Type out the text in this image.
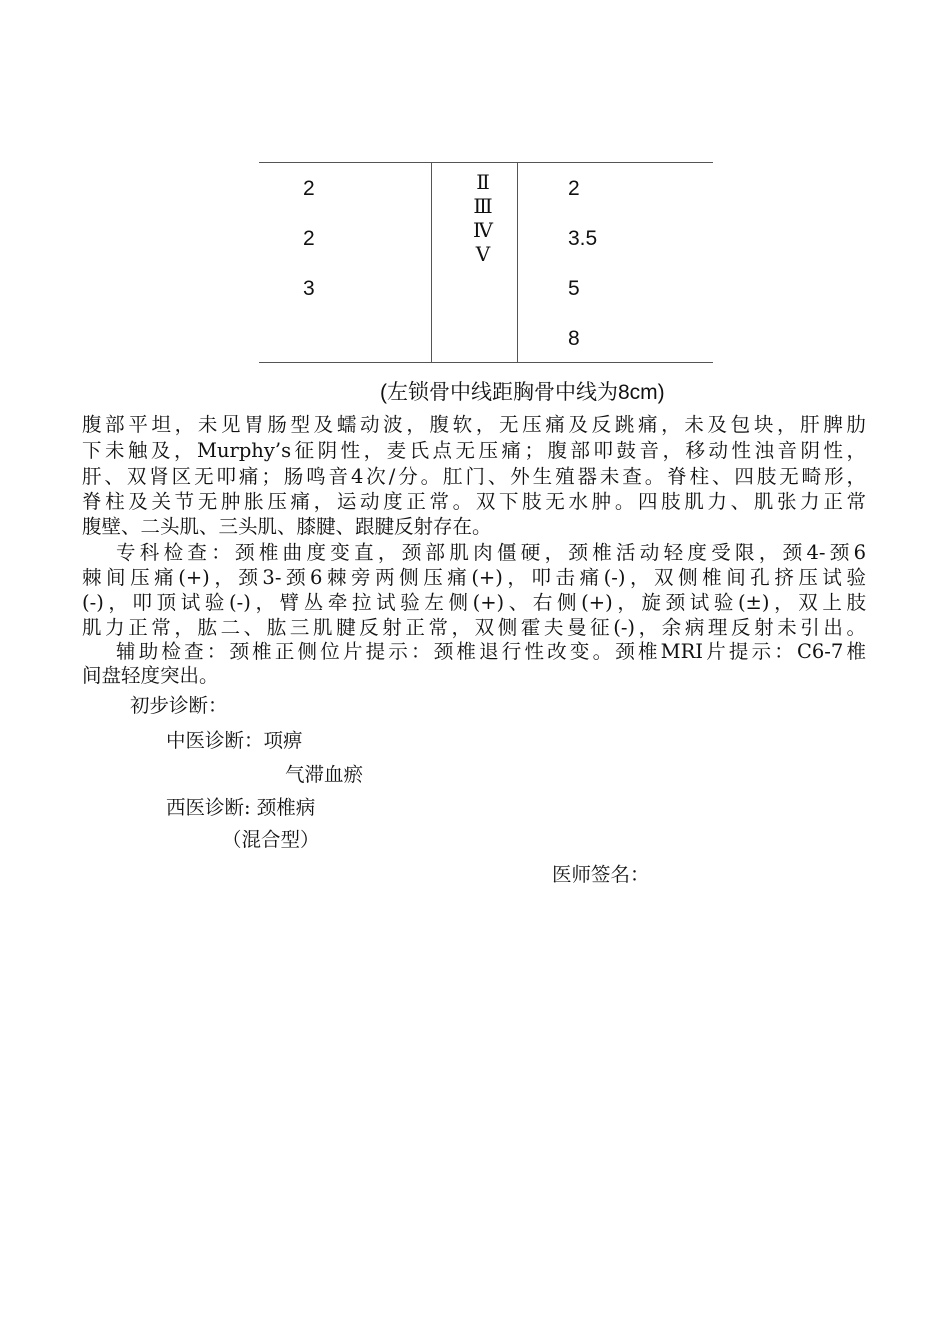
2
2
3
Ⅱ
Ⅲ
Ⅳ
Ⅴ
2
3.5
5
8
(左锁骨中线距胸骨中线为8cm)
腹部平坦，未见胃肠型及蠕动波，腹软，无压痛及反跳痛，未及包块，肝脾肋
下未触及，Murphy’s征阴性，麦氏点无压痛；腹部叩鼓音，移动性浊音阴性，
肝、双肾区无叩痛；肠鸣音4次/分。肛门、外生殖器未查。脊柱、四肢无畸形，
脊柱及关节无肿胀压痛，运动度正常。双下肢无水肿。四肢肌力、肌张力正常
腹壁、二头肌、三头肌、膝腱、跟腱反射存在。
专科检查：颈椎曲度变直，颈部肌肉僵硬，颈椎活动轻度受限，颈4-颈6
棘间压痛(+)，颈3-颈6棘旁两侧压痛(+)，叩击痛(-)，双侧椎间孔挤压试验
(-)，叩顶试验(-)，臂丛牵拉试验左侧(+)、右侧(+)，旋颈试验(±)，双上肢
肌力正常，肱二、肱三肌腱反射正常，双侧霍夫曼征(-)，余病理反射未引出。
辅助检查：颈椎正侧位片提示：颈椎退行性改变。颈椎MRI片提示：C6-7椎
间盘轻度突出。
初步诊断：
中医诊断：项痹
气滞血瘀
西医诊断: 颈椎病
（混合型）
医师签名：
